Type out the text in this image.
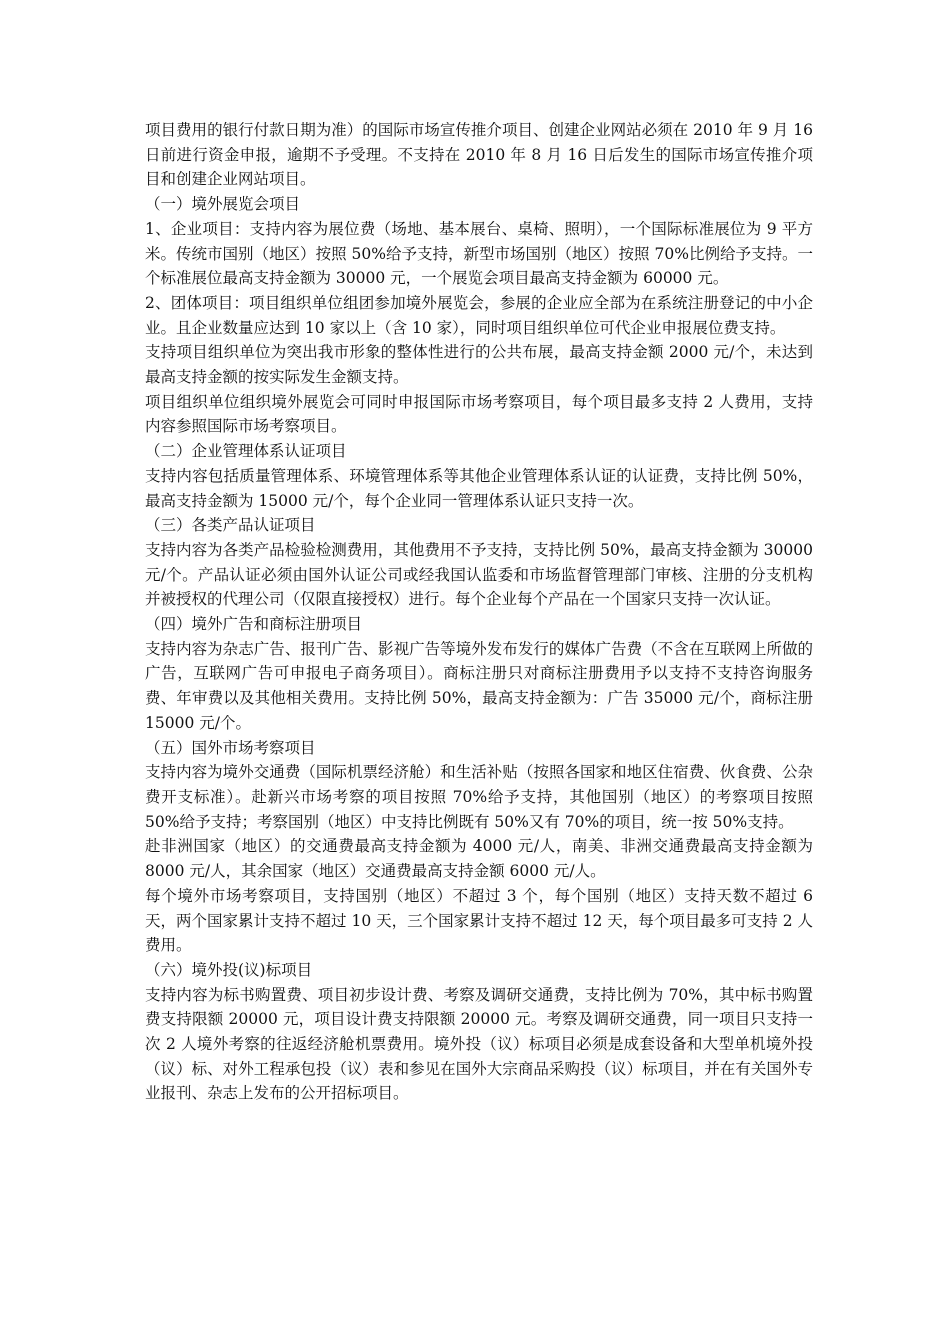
项目费用的银行付款日期为准）的国际市场宣传推介项目、创建企业网站必须在 2010 年 9 月 16 日前进行资金申报，逾期不予受理。不支持在 2010 年 8 月 16 日后发生的国际市场宣传推介项目和创建企业网站项目。

（一）境外展览会项目

1、企业项目：支持内容为展位费（场地、基本展台、桌椅、照明），一个国际标准展位为 9 平方米。传统市国别（地区）按照 50%给予支持，新型市场国别（地区）按照 70%比例给予支持。一个标准展位最高支持金额为 30000 元，一个展览会项目最高支持金额为 60000 元。

2、团体项目：项目组织单位组团参加境外展览会，参展的企业应全部为在系统注册登记的中小企业。且企业数量应达到 10 家以上（含 10 家），同时项目组织单位可代企业申报展位费支持。

支持项目组织单位为突出我市形象的整体性进行的公共布展，最高支持金额 2000 元/个，未达到最高支持金额的按实际发生金额支持。

项目组织单位组织境外展览会可同时申报国际市场考察项目，每个项目最多支持 2 人费用，支持内容参照国际市场考察项目。

（二）企业管理体系认证项目

支持内容包括质量管理体系、环境管理体系等其他企业管理体系认证的认证费，支持比例 50%，最高支持金额为 15000 元/个，每个企业同一管理体系认证只支持一次。

（三）各类产品认证项目

支持内容为各类产品检验检测费用，其他费用不予支持，支持比例 50%，最高支持金额为 30000 元/个。产品认证必须由国外认证公司或经我国认监委和市场监督管理部门审核、注册的分支机构并被授权的代理公司（仅限直接授权）进行。每个企业每个产品在一个国家只支持一次认证。

（四）境外广告和商标注册项目

支持内容为杂志广告、报刊广告、影视广告等境外发布发行的媒体广告费（不含在互联网上所做的广告，互联网广告可申报电子商务项目）。商标注册只对商标注册费用予以支持不支持咨询服务费、年审费以及其他相关费用。支持比例 50%，最高支持金额为：广告 35000 元/个，商标注册 15000 元/个。

（五）国外市场考察项目

支持内容为境外交通费（国际机票经济舱）和生活补贴（按照各国家和地区住宿费、伙食费、公杂费开支标准）。赴新兴市场考察的项目按照 70%给予支持，其他国别（地区）的考察项目按照 50%给予支持；考察国别（地区）中支持比例既有 50%又有 70%的项目，统一按 50%支持。

赴非洲国家（地区）的交通费最高支持金额为 4000 元/人，南美、非洲交通费最高支持金额为 8000 元/人，其余国家（地区）交通费最高支持金额 6000 元/人。

每个境外市场考察项目，支持国别（地区）不超过 3 个，每个国别（地区）支持天数不超过 6 天，两个国家累计支持不超过 10 天，三个国家累计支持不超过 12 天，每个项目最多可支持 2 人费用。

（六）境外投(议)标项目

支持内容为标书购置费、项目初步设计费、考察及调研交通费，支持比例为 70%，其中标书购置费支持限额 20000 元，项目设计费支持限额 20000 元。考察及调研交通费，同一项目只支持一次 2 人境外考察的往返经济舱机票费用。境外投（议）标项目必须是成套设备和大型单机境外投（议）标、对外工程承包投（议）表和参见在国外大宗商品采购投（议）标项目，并在有关国外专业报刊、杂志上发布的公开招标项目。
